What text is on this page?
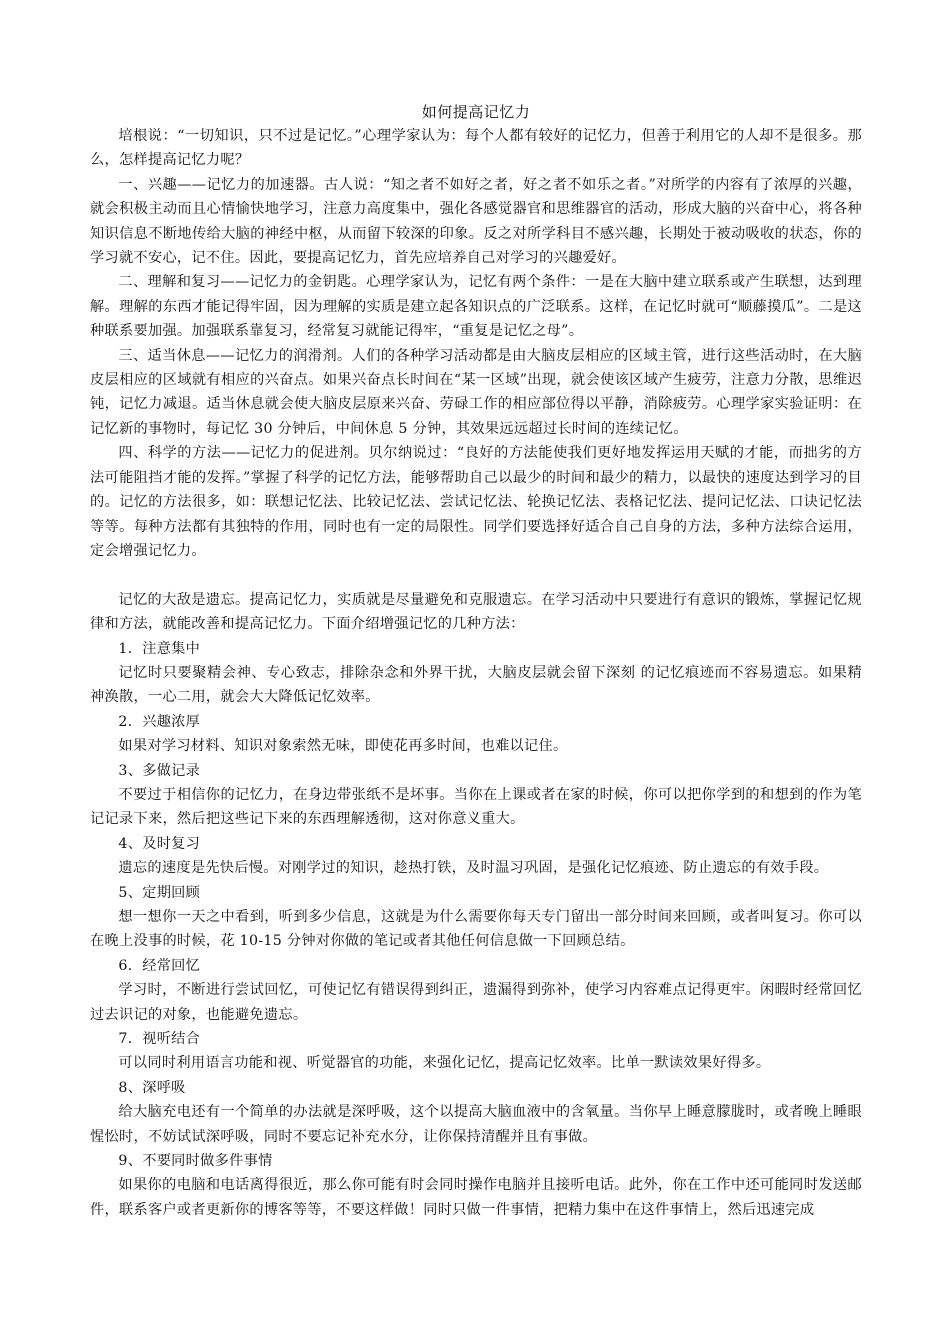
如何提高记忆力

培根说：“一切知识，只不过是记忆。”心理学家认为：每个人都有较好的记忆力，但善于利用它的人却不是很多。那么，怎样提高记忆力呢？

一、兴趣——记忆力的加速器。古人说：“知之者不如好之者，好之者不如乐之者。”对所学的内容有了浓厚的兴趣，就会积极主动而且心情愉快地学习，注意力高度集中，强化各感觉器官和思维器官的活动，形成大脑的兴奋中心，将各种知识信息不断地传给大脑的神经中枢，从而留下较深的印象。反之对所学科目不感兴趣，长期处于被动吸收的状态，你的学习就不安心，记不住。因此，要提高记忆力，首先应培养自己对学习的兴趣爱好。

二、理解和复习——记忆力的金钥匙。心理学家认为，记忆有两个条件：一是在大脑中建立联系或产生联想，达到理解。理解的东西才能记得牢固，因为理解的实质是建立起各知识点的广泛联系。这样，在记忆时就可“顺藤摸瓜”。二是这种联系要加强。加强联系靠复习，经常复习就能记得牢，“重复是记忆之母”。

三、适当休息——记忆力的润滑剂。人们的各种学习活动都是由大脑皮层相应的区域主管，进行这些活动时，在大脑皮层相应的区域就有相应的兴奋点。如果兴奋点长时间在“某一区域”出现，就会使该区域产生疲劳，注意力分散，思维迟钝，记忆力减退。适当休息就会使大脑皮层原来兴奋、劳碌工作的相应部位得以平静，消除疲劳。心理学家实验证明：在记忆新的事物时，每记忆 30 分钟后，中间休息 5 分钟，其效果远远超过长时间的连续记忆。

四、科学的方法——记忆力的促进剂。贝尔纳说过：“良好的方法能使我们更好地发挥运用天赋的才能，而拙劣的方法可能阻挡才能的发挥。”掌握了科学的记忆方法，能够帮助自己以最少的时间和最少的精力，以最快的速度达到学习的目的。记忆的方法很多，如：联想记忆法、比较记忆法、尝试记忆法、轮换记忆法、表格记忆法、提问记忆法、口诀记忆法等等。每种方法都有其独特的作用，同时也有一定的局限性。同学们要选择好适合自己自身的方法，多种方法综合运用，定会增强记忆力。

记忆的大敌是遗忘。提高记忆力，实质就是尽量避免和克服遗忘。在学习活动中只要进行有意识的锻炼，掌握记忆规律和方法，就能改善和提高记忆力。下面介绍增强记忆的几种方法：

1．注意集中

记忆时只要聚精会神、专心致志，排除杂念和外界干扰，大脑皮层就会留下深刻 的记忆痕迹而不容易遗忘。如果精神涣散，一心二用，就会大大降低记忆效率。

2．兴趣浓厚

如果对学习材料、知识对象索然无味，即使花再多时间，也难以记住。

3、多做记录

不要过于相信你的记忆力，在身边带张纸不是坏事。当你在上课或者在家的时候，你可以把你学到的和想到的作为笔记记录下来，然后把这些记下来的东西理解透彻，这对你意义重大。

4、及时复习

遗忘的速度是先快后慢。对刚学过的知识，趁热打铁，及时温习巩固，是强化记忆痕迹、防止遗忘的有效手段。

5、定期回顾

想一想你一天之中看到，听到多少信息，这就是为什么需要你每天专门留出一部分时间来回顾，或者叫复习。你可以在晚上没事的时候，花 10-15 分钟对你做的笔记或者其他任何信息做一下回顾总结。

6．经常回忆

学习时，不断进行尝试回忆，可使记忆有错误得到纠正，遗漏得到弥补，使学习内容难点记得更牢。闲暇时经常回忆过去识记的对象，也能避免遗忘。

7．视听结合

可以同时利用语言功能和视、听觉器官的功能，来强化记忆，提高记忆效率。比单一默读效果好得多。

8、深呼吸

给大脑充电还有一个简单的办法就是深呼吸，这个以提高大脑血液中的含氧量。当你早上睡意朦胧时，或者晚上睡眼惺忪时，不妨试试深呼吸，同时不要忘记补充水分，让你保持清醒并且有事做。

9、不要同时做多件事情

如果你的电脑和电话离得很近，那么你可能有时会同时操作电脑并且接听电话。此外，你在工作中还可能同时发送邮件，联系客户或者更新你的博客等等，不要这样做！同时只做一件事情，把精力集中在这件事情上，然后迅速完成
